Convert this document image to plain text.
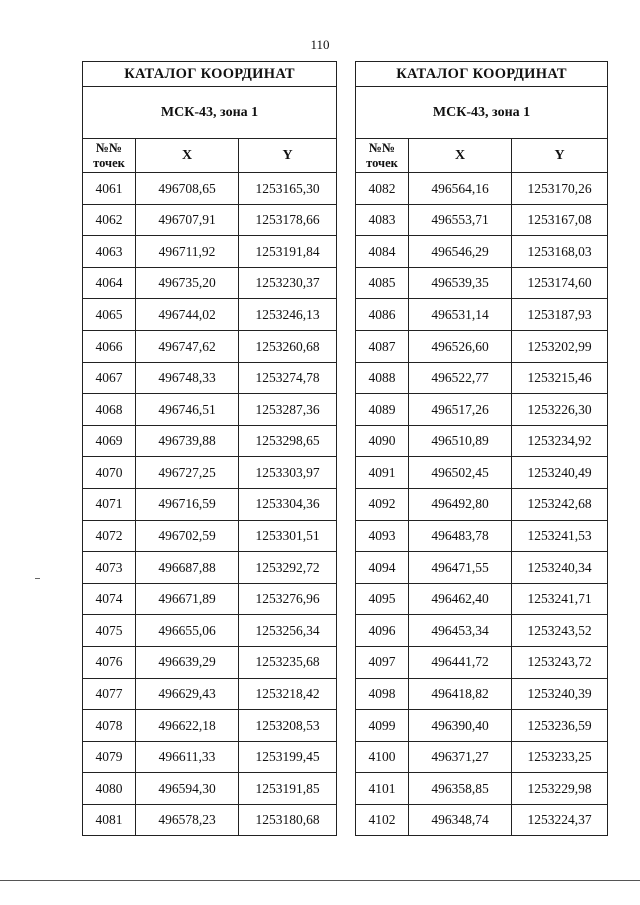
110
КАТАЛОГ КООРДИНАТ		
МСК-43, зона 1		

№№
точек	X	Y
4061	496708,65	1253165,30
4062	496707,91	1253178,66
4063	496711,92	1253191,84
4064	496735,20	1253230,37
4065	496744,02	1253246,13
4066	496747,62	1253260,68
4067	496748,33	1253274,78
4068	496746,51	1253287,36
4069	496739,88	1253298,65
4070	496727,25	1253303,97
4071	496716,59	1253304,36
4072	496702,59	1253301,51
4073	496687,88	1253292,72
4074	496671,89	1253276,96
4075	496655,06	1253256,34
4076	496639,29	1253235,68
4077	496629,43	1253218,42
4078	496622,18	1253208,53
4079	496611,33	1253199,45
4080	496594,30	1253191,85
4081	496578,23	1253180,68
КАТАЛОГ КООРДИНАТ		
МСК-43, зона 1		

№№
точек	X	Y
4082	496564,16	1253170,26
4083	496553,71	1253167,08
4084	496546,29	1253168,03
4085	496539,35	1253174,60
4086	496531,14	1253187,93
4087	496526,60	1253202,99
4088	496522,77	1253215,46
4089	496517,26	1253226,30
4090	496510,89	1253234,92
4091	496502,45	1253240,49
4092	496492,80	1253242,68
4093	496483,78	1253241,53
4094	496471,55	1253240,34
4095	496462,40	1253241,71
4096	496453,34	1253243,52
4097	496441,72	1253243,72
4098	496418,82	1253240,39
4099	496390,40	1253236,59
4100	496371,27	1253233,25
4101	496358,85	1253229,98
4102	496348,74	1253224,37
